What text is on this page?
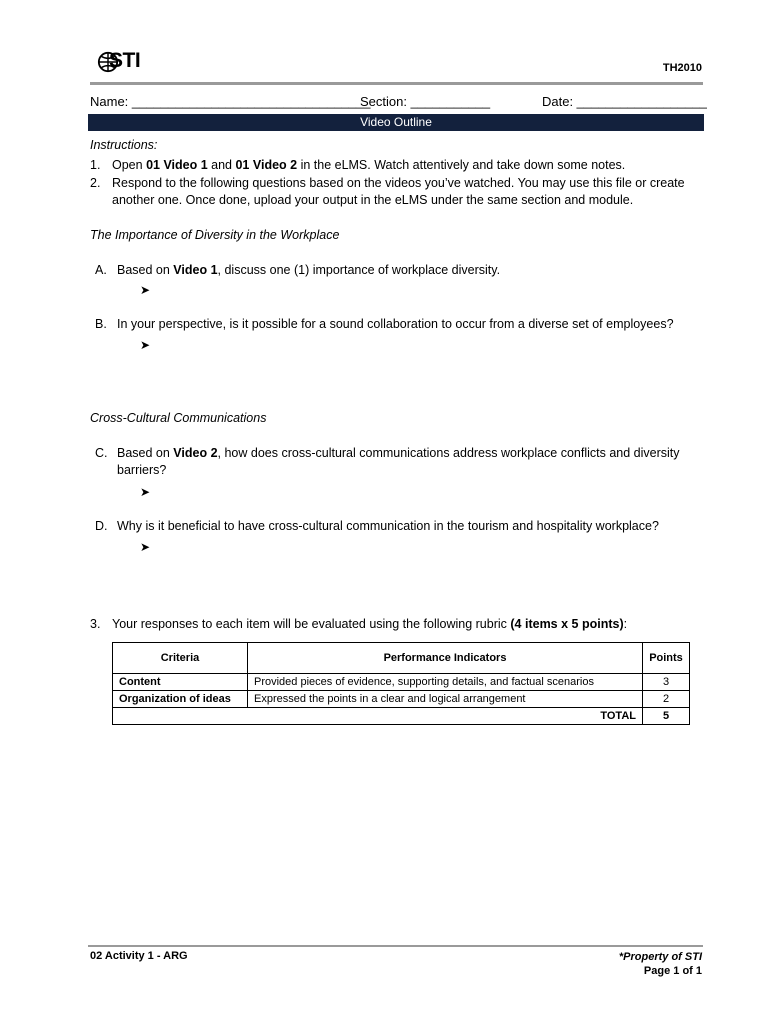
STI	TH2010
Name: _________________________________
Section: ___________	Date: __________________
Video Outline
Instructions:
1. Open 01 Video 1 and 01 Video 2 in the eLMS. Watch attentively and take down some notes.
2. Respond to the following questions based on the videos you’ve watched. You may use this file or create
another one. Once done, upload your output in the eLMS under the same section and module.
The Importance of Diversity in the Workplace
A. Based on Video 1, discuss one (1) importance of workplace diversity.
➤
B. In your perspective, is it possible for a sound collaboration to occur from a diverse set of employees?
➤
Cross-Cultural Communications
C. Based on Video 2, how does cross-cultural communications address workplace conflicts and diversity
barriers?
➤
D. Why is it beneficial to have cross-cultural communication in the tourism and hospitality workplace?
➤
3. Your responses to each item will be evaluated using the following rubric (4 items x 5 points):
Criteria	Performance Indicators	Points
Content	Provided pieces of evidence, supporting details, and factual scenarios	3
Organization of ideas	Expressed the points in a clear and logical arrangement	2
TOTAL		5
02 Activity 1 - ARG	*Property of STI
Page 1 of 1
